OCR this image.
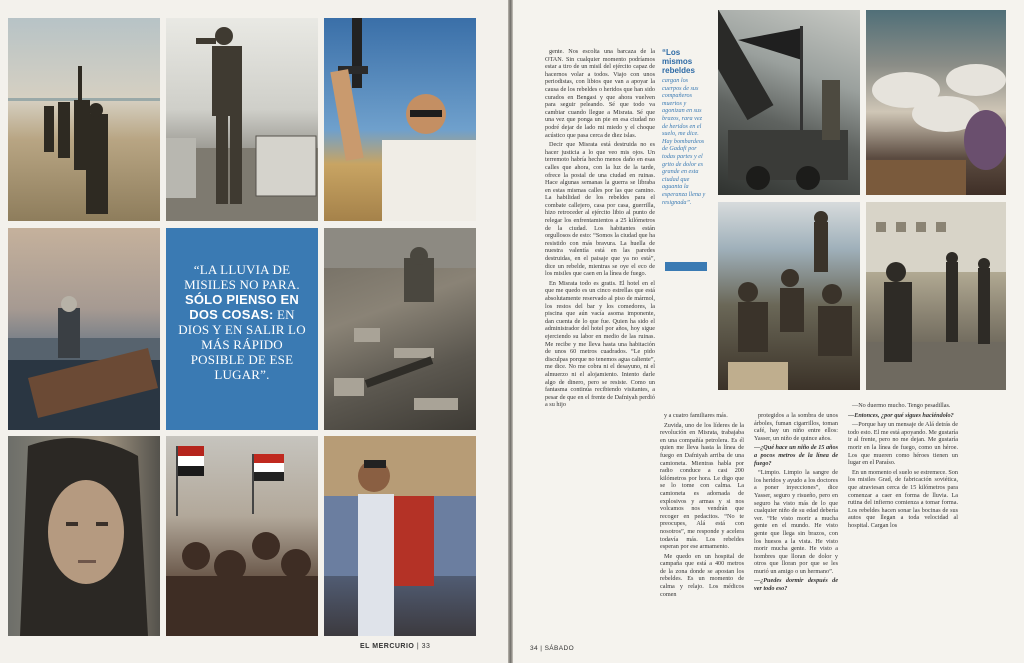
“LA LLUVIA DE MISILES NO PARA. SÓLO PIENSO EN DOS COSAS: EN DIOS Y EN SALIR LO MÁS RÁPIDO POSIBLE DE ESE LUGAR”.

EL MERCURIO | 33

gente. Nos escolta una barcaza de la OTAN. Sin cualquier momento podríamos estar a tiro de un misil del ejército capaz de hacernos volar a todos. Viajo con unos periodistas, con libios que van a apoyar la causa de los rebeldes o heridos que han sido curados en Bengasi y que ahora vuelven para seguir peleando. Sé que todo va cambiar cuando llegue a Misrata. Sé que una vez que ponga un pie en esa ciudad no podré dejar de lado mi miedo y el choque acústico que pasa cerca de diez islas.

Decir que Misrata está destruida no es hacer justicia a lo que veo mis ojos. Un terremoto habría hecho menos daño en esas calles que ahora, con la luz de la tarde, ofrece la postal de una ciudad en ruinas. Hace algunas semanas la guerra se libraba en estas mismas calles por las que camino. La habilidad de los rebeldes para el combate callejero, casa por casa, guerrilla, hizo retroceder al ejército libio al punto de relegar los enfrentamientos a 25 kilómetros de la ciudad. Los habitantes están orgullosos de esto: “Somos la ciudad que ha resistido con más bravura. La huella de nuestra valentía está en las paredes destruidas, en el paisaje que ya no está”, dice un rebelde, mientras se oye el eco de los misiles que caen en la línea de fuego.

En Misrata todo es gratis. El hotel en el que me quedo es un cinco estrellas que está absolutamente reservado al piso de mármol, los restos del bar y los comedores, la piscina que aún vacía asoma imponente, dan cuenta de lo que fue. Quien ha sido el administrador del hotel por años, hoy sigue ejerciendo su labor en medio de las ruinas. Me recibe y me lleva hasta una habitación de unos 60 metros cuadrados. “Le pido disculpas porque no tenemos agua caliente”, me dice. No me cobra ni el desayuno, ni el almuerzo ni el alojamiento. Intento darle algo de dinero, pero se resiste. Como un fantasma continúa recibiendo visitantes, a pesar de que en el frente de Dafniyah perdió a su hijo

“Los mismos rebeldes
cargan los cuerpos de sus compañeros muertos y agonizan en sus brazos, rara vez de heridos en el suelo, me dice. Hay bombardeos de Gadafi por todas partes y el grito de dolor es grande en esta ciudad que aguanta la esperanza llena y resignada”.

y a cuatro familiares más.

Zuvida, uno de los líderes de la revolución en Misrata, trabajaba en una compañía petrolera. Es él quien me lleva hasta la línea de fuego en Dafniyah arriba de una camioneta. Mientras habla por radio conduce a casi 200 kilómetros por hora. Le digo que se lo tome con calma. La camioneta es adornada de explosivos y armas y si nos volcamos nos vendrán que recoger en pedacitos. “No te preocupes, Alá está con nosotros”, me responde y acelera todavía más. Los rebeldes esperan por ese armamento.

Me quedo en un hospital de campaña que está a 400 metros de la zona donde se apostan los rebeldes. Es un momento de calma y relajo. Los médicos comen

protegidos a la sombra de unos árboles, fuman cigarrillos, toman café, hay un niño entre ellos: Yasser, un niño de quince años.

—¿Qué hace un niño de 15 años a pocos metros de la línea de fuego?

“Limpio. Limpio la sangre de los heridos y ayudo a los doctores a poner inyecciones”, dice Yasser, seguro y risueño, pero en seguro ha visto más de lo que cualquier niño de su edad debería ver. “He visto morir a mucha gente en el mundo. He visto gente que llega sin brazos, con los huesos a la vista. He visto morir mucha gente. He visto a hombres que lloran de dolor y otros que lloran por que se les murió un amigo o un hermano”.

—¿Puedes dormir después de ver todo eso?

—No duermo mucho. Tengo pesadillas.

—Entonces, ¿por qué sigues haciéndolo?

—Porque hay un mensaje de Alá detrás de todo esto. El me está apoyando. Me gustaría ir al frente, pero no me dejan. Me gustaría morir en la línea de fuego, como un héroe. Los que mueren como héroes tienen un lugar en el Paraíso.

En un momento el suelo se estremece. Son los misiles Grad, de fabricación soviética, que atraviesan cerca de 15 kilómetros para comenzar a caer en forma de lluvia. La rutina del infierno comienza a tomar forma. Los rebeldes hacen sonar las bocinas de sus autos que llegan a toda velocidad al hospital. Cargan los

34 | SÁBADO
